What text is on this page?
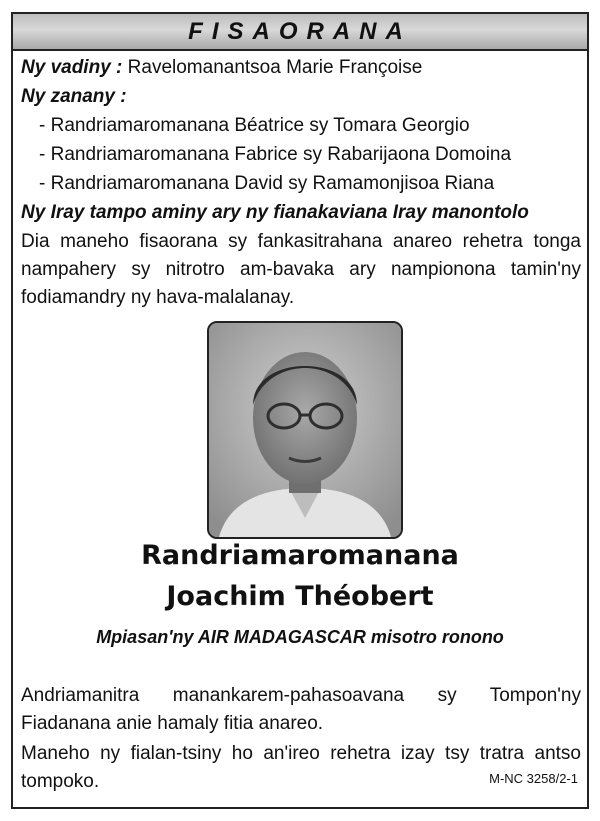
FISAORANA
Ny vadiny : Ravelomanantsoa Marie Françoise
Ny zanany :
- Randriamaromanana Béatrice sy Tomara Georgio
- Randriamaromanana Fabrice sy Rabarijaona Domoina
- Randriamaromanana David sy Ramamonjisoa Riana
Ny Iray tampo aminy ary ny fianakaviana Iray manontolo
Dia maneho fisaorana sy fankasitrahana anareo rehetra tonga nampahery sy nitrotro am-bavaka ary nampionona tamin'ny fodiamandry ny hava-malalanay.
Randriamaromanana
Joachim Théobert
Mpiasan'ny AIR MADAGASCAR misotro ronono
Andriamanitra manankarem-pahasoavana sy Tompon'ny Fiadanana anie hamaly fitia anareo.
Maneho ny fialan-tsiny ho an'ireo rehetra izay tsy tratra antso tompoko.	M-NC 3258/2-1
